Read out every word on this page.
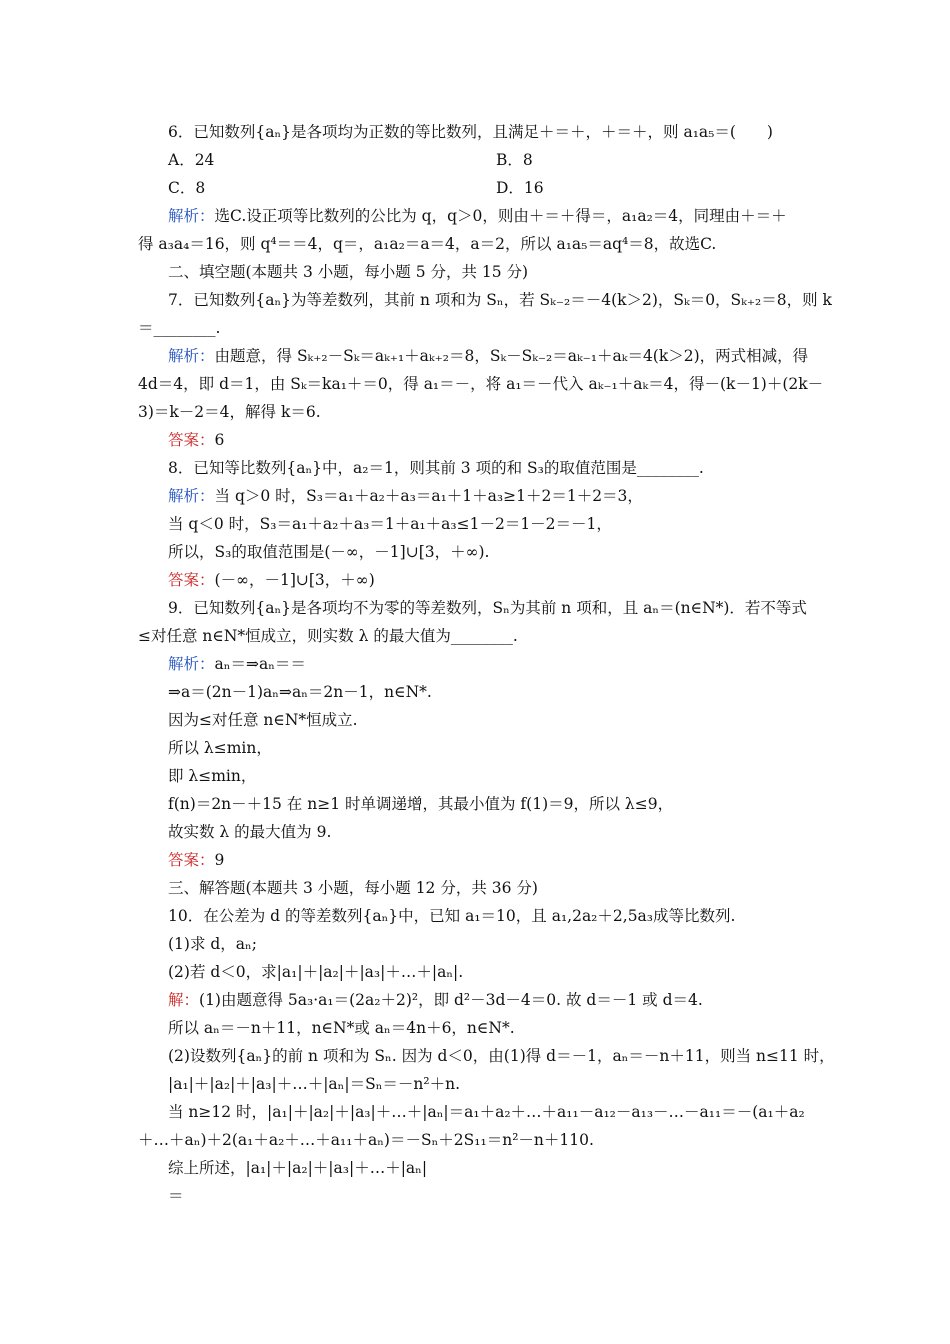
6．已知数列{aₙ}是各项均为正数的等比数列，且满足＋＝＋，＋＝＋，则 a₁a₅＝(　　)
A．24	B．8
C．8	D．16
解析：选C.设正项等比数列的公比为 q，q＞0，则由＋＝＋得＝，a₁a₂＝4，同理由＋＝＋
得 a₃a₄＝16，则 q⁴＝＝4，q＝，a₁a₂＝a＝4，a＝2，所以 a₁a₅＝aq⁴＝8，故选C.
二、填空题(本题共 3 小题，每小题 5 分，共 15 分)
7．已知数列{aₙ}为等差数列，其前 n 项和为 Sₙ，若 Sₖ₋₂＝－4(k＞2)，Sₖ＝0，Sₖ₊₂＝8，则 k
＝________.
解析：由题意，得 Sₖ₊₂－Sₖ＝aₖ₊₁＋aₖ₊₂＝8，Sₖ－Sₖ₋₂＝aₖ₋₁＋aₖ＝4(k＞2)，两式相减，得
4d＝4，即 d＝1，由 Sₖ＝ka₁＋＝0，得 a₁＝－，将 a₁＝－代入 aₖ₋₁＋aₖ＝4，得－(k－1)＋(2k－
3)＝k－2＝4，解得 k＝6.
答案：6
8．已知等比数列{aₙ}中，a₂＝1，则其前 3 项的和 S₃的取值范围是________.
解析：当 q＞0 时，S₃＝a₁＋a₂＋a₃＝a₁＋1＋a₃≥1＋2＝1＋2＝3，
当 q＜0 时，S₃＝a₁＋a₂＋a₃＝1＋a₁＋a₃≤1－2＝1－2＝－1，
所以，S₃的取值范围是(－∞，－1]∪[3，＋∞).
答案：(－∞，－1]∪[3，＋∞)
9．已知数列{aₙ}是各项均不为零的等差数列，Sₙ为其前 n 项和，且 aₙ＝(n∈N*)．若不等式
≤对任意 n∈N*恒成立，则实数 λ 的最大值为________.
解析：aₙ＝⇒aₙ＝＝
⇒a＝(2n－1)aₙ⇒aₙ＝2n－1，n∈N*.
因为≤对任意 n∈N*恒成立.
所以 λ≤min，
即 λ≤min，
f(n)＝2n－＋15 在 n≥1 时单调递增，其最小值为 f(1)＝9，所以 λ≤9，
故实数 λ 的最大值为 9.
答案：9
三、解答题(本题共 3 小题，每小题 12 分，共 36 分)
10．在公差为 d 的等差数列{aₙ}中，已知 a₁＝10，且 a₁,2a₂＋2,5a₃成等比数列.
(1)求 d，aₙ;
(2)若 d＜0，求|a₁|＋|a₂|＋|a₃|＋…＋|aₙ|.
解：(1)由题意得 5a₃·a₁＝(2a₂＋2)²，即 d²－3d－4＝0. 故 d＝－1 或 d＝4.
所以 aₙ＝－n＋11，n∈N*或 aₙ＝4n＋6，n∈N*.
(2)设数列{aₙ}的前 n 项和为 Sₙ. 因为 d＜0，由(1)得 d＝－1，aₙ＝－n＋11，则当 n≤11 时，
|a₁|＋|a₂|＋|a₃|＋…＋|aₙ|＝Sₙ＝－n²＋n.
当 n≥12 时，|a₁|＋|a₂|＋|a₃|＋…＋|aₙ|＝a₁＋a₂＋…＋a₁₁－a₁₂－a₁₃－…－a₁₁＝－(a₁＋a₂
＋…＋aₙ)＋2(a₁＋a₂＋…＋a₁₁＋aₙ)＝－Sₙ＋2S₁₁＝n²－n＋110.
综上所述，|a₁|＋|a₂|＋|a₃|＋…＋|aₙ|
＝
